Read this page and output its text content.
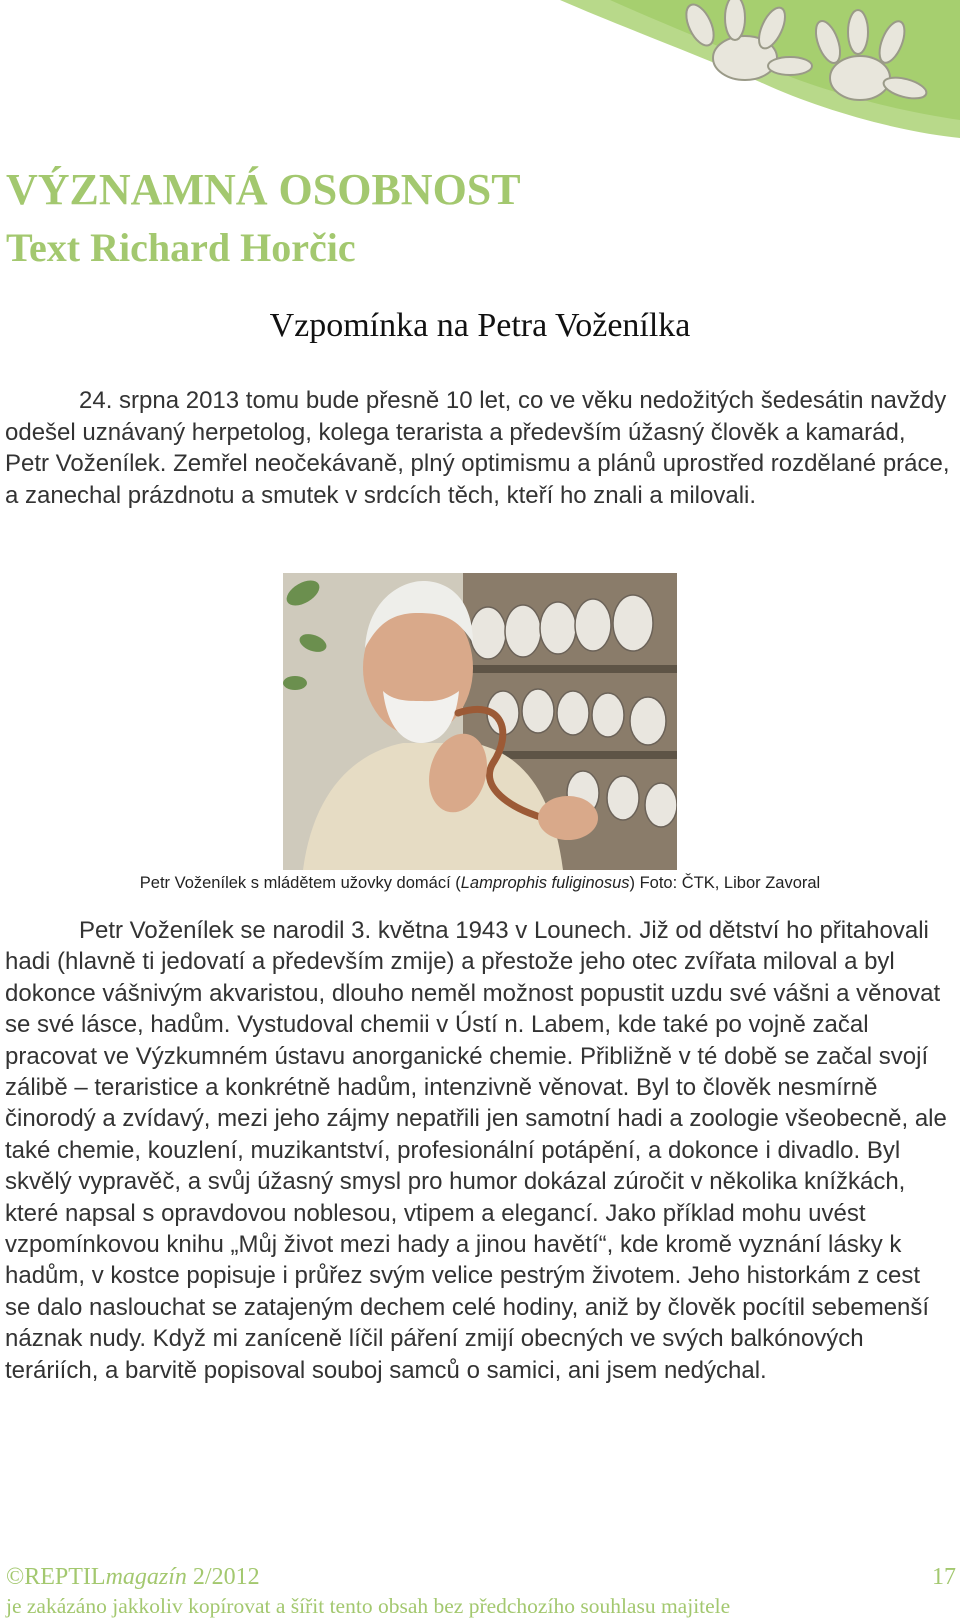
VÝZNAMNÁ OSOBNOST
Text Richard Horčic
Vzpomínka na Petra Voženílka

24. srpna 2013 tomu bude přesně 10 let, co ve věku nedožitých šedesátin navždy odešel uznávaný herpetolog, kolega terarista a především úžasný člověk a kamarád, Petr Voženílek. Zemřel neočekávaně, plný optimismu a plánů uprostřed rozdělané práce, a zanechal prázdnotu a smutek v srdcích těch, kteří ho znali a milovali.

Petr Voženílek s mládětem užovky domácí (Lamprophis fuliginosus) Foto: ČTK, Libor Zavoral

Petr Voženílek se narodil 3. května 1943 v Lounech. Již od dětství ho přitahovali hadi (hlavně ti jedovatí a především zmije) a přestože jeho otec zvířata miloval a byl dokonce vášnivým akvaristou, dlouho neměl možnost popustit uzdu své vášni a věnovat se své lásce, hadům. Vystudoval chemii v Ústí n. Labem, kde také po vojně začal pracovat ve Výzkumném ústavu anorganické chemie. Přibližně v té době se začal svojí zálibě – teraristice a konkrétně hadům, intenzivně věnovat. Byl to člověk nesmírně činorodý a zvídavý, mezi jeho zájmy nepatřili jen samotní hadi a zoologie všeobecně, ale také chemie, kouzlení, muzikantství, profesionální potápění, a dokonce i divadlo. Byl skvělý vypravěč, a svůj úžasný smysl pro humor dokázal zúročit v několika knížkách, které napsal s opravdovou noblesou, vtipem a elegancí. Jako příklad mohu uvést vzpomínkovou knihu „Můj život mezi hady a jinou havětí“, kde kromě vyznání lásky k hadům, v kostce popisuje i průřez svým velice pestrým životem. Jeho historkám z cest se dalo naslouchat se zatajeným dechem celé hodiny, aniž by člověk pocítil sebemenší náznak nudy. Když mi zaníceně líčil páření zmijí obecných ve svých balkónových teráriích, a barvitě popisoval souboj samců o samici, ani jsem nedýchal.

©REPTILmagazín 2/2012	17
je zakázáno jakkoliv kopírovat a šířit tento obsah bez předchozího souhlasu majitele
